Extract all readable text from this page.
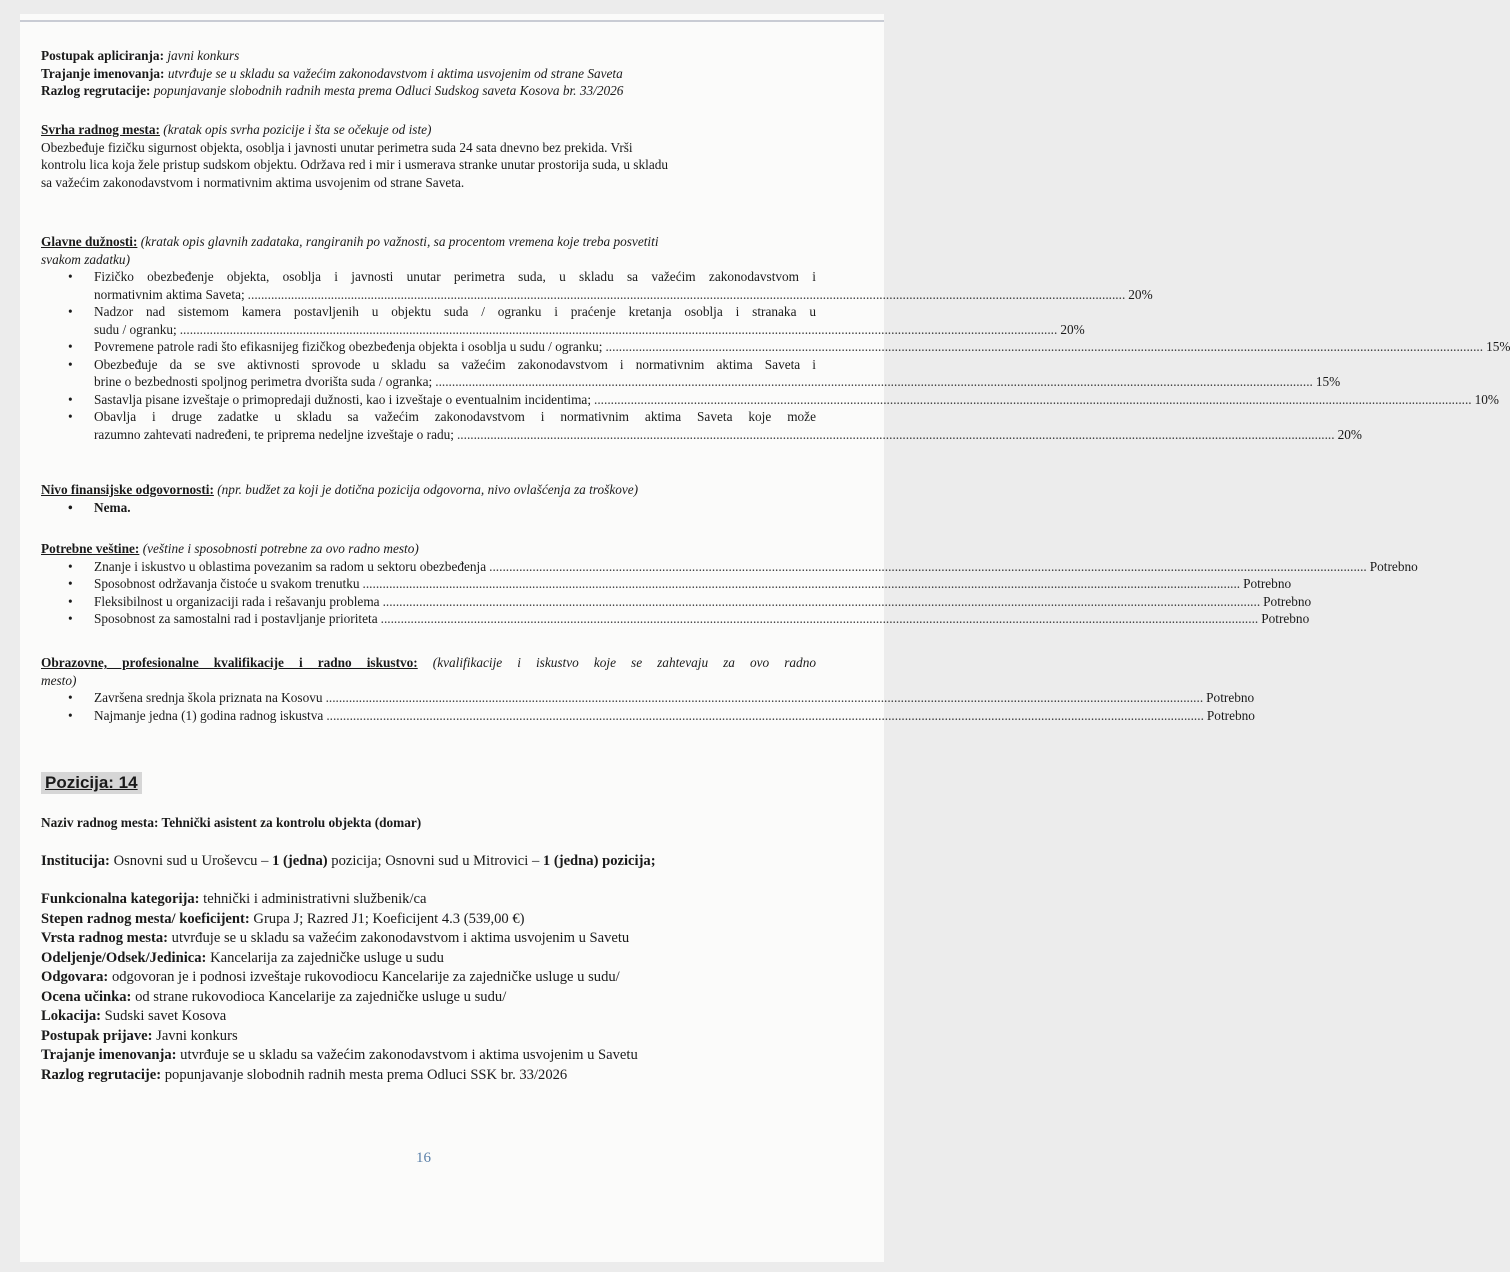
Postupak apliciranja: javni konkurs
Trajanje imenovanja: utvrđuje se u skladu sa važećim zakonodavstvom i aktima usvojenim od strane Saveta
Razlog regrutacije: popunjavanje slobodnih radnih mesta prema Odluci Sudskog saveta Kosova br. 33/2026
Svrha radnog mesta: (kratak opis svrha pozicije i šta se očekuje od iste)
Obezbeđuje fizičku sigurnost objekta, osoblja i javnosti unutar perimetra suda 24 sata dnevno bez prekida. Vrši
kontrolu lica koja žele pristup sudskom objektu. Održava red i mir i usmerava stranke unutar prostorija suda, u skladu
sa važećim zakonodavstvom i normativnim aktima usvojenim od strane Saveta.
Glavne dužnosti: (kratak opis glavnih zadataka, rangiranih po važnosti, sa procentom vremena koje treba posvetiti
svakom zadatku)
• Fizičko obezbeđenje objekta, osoblja i javnosti unutar perimetra suda, u skladu sa važećim zakonodavstvom i
normativnim aktima Saveta; .....	20%
• Nadzor nad sistemom kamera postavljenih u objektu suda / ogranku i praćenje kretanja osoblja i stranaka u
sudu / ogranku; .....	20%
• Povremene patrole radi što efikasnijeg fizičkog obezbeđenja objekta i osoblja u sudu / ogranku; .....	15%
• Obezbeđuje da se sve aktivnosti sprovode u skladu sa važećim zakonodavstvom i normativnim aktima Saveta i
brine o bezbednosti spoljnog perimetra dvorišta suda / ogranka; .....	15%
• Sastavlja pisane izveštaje o primopredaji dužnosti, kao i izveštaje o eventualnim incidentima; .....	10%
• Obavlja i druge zadatke u skladu sa važećim zakonodavstvom i normativnim aktima Saveta koje može
razumno zahtevati nadređeni, te priprema nedeljne izveštaje o radu; .....	20%
Nivo finansijske odgovornosti: (npr. budžet za koji je dotična pozicija odgovorna, nivo ovlašćenja za troškove)
• Nema.
Potrebne veštine: (veštine i sposobnosti potrebne za ovo radno mesto)
• Znanje i iskustvo u oblastima povezanim sa radom u sektoru obezbeđenja .....	Potrebno
• Sposobnost održavanja čistoće u svakom trenutku .....	Potrebno
• Fleksibilnost u organizaciji rada i rešavanju problema .....	Potrebno
• Sposobnost za samostalni rad i postavljanje prioriteta .....	Potrebno
Obrazovne, profesionalne kvalifikacije i radno iskustvo: (kvalifikacije i iskustvo koje se zahtevaju za ovo radno
mesto)
• Završena srednja škola priznata na Kosovu .....	Potrebno
• Najmanje jedna (1) godina radnog iskustva .....	Potrebno
Pozicija: 14
Naziv radnog mesta: Tehnički asistent za kontrolu objekta (domar)
Institucija: Osnovni sud u Uroševcu – 1 (jedna) pozicija; Osnovni sud u Mitrovici – 1 (jedna) pozicija;
Funkcionalna kategorija: tehnički i administrativni službenik/ca
Stepen radnog mesta/ koeficijent: Grupa J; Razred J1; Koeficijent 4.3 (539,00 €)
Vrsta radnog mesta: utvrđuje se u skladu sa važećim zakonodavstvom i aktima usvojenim u Savetu
Odeljenje/Odsek/Jedinica: Kancelarija za zajedničke usluge u sudu
Odgovara: odgovoran je i podnosi izveštaje rukovodiocu Kancelarije za zajedničke usluge u sudu/
Ocena učinka: od strane rukovodioca Kancelarije za zajedničke usluge u sudu/
Lokacija: Sudski savet Kosova
Postupak prijave: Javni konkurs
Trajanje imenovanja: utvrđuje se u skladu sa važećim zakonodavstvom i aktima usvojenim u Savetu
Razlog regrutacije: popunjavanje slobodnih radnih mesta prema Odluci SSK br. 33/2026
16
